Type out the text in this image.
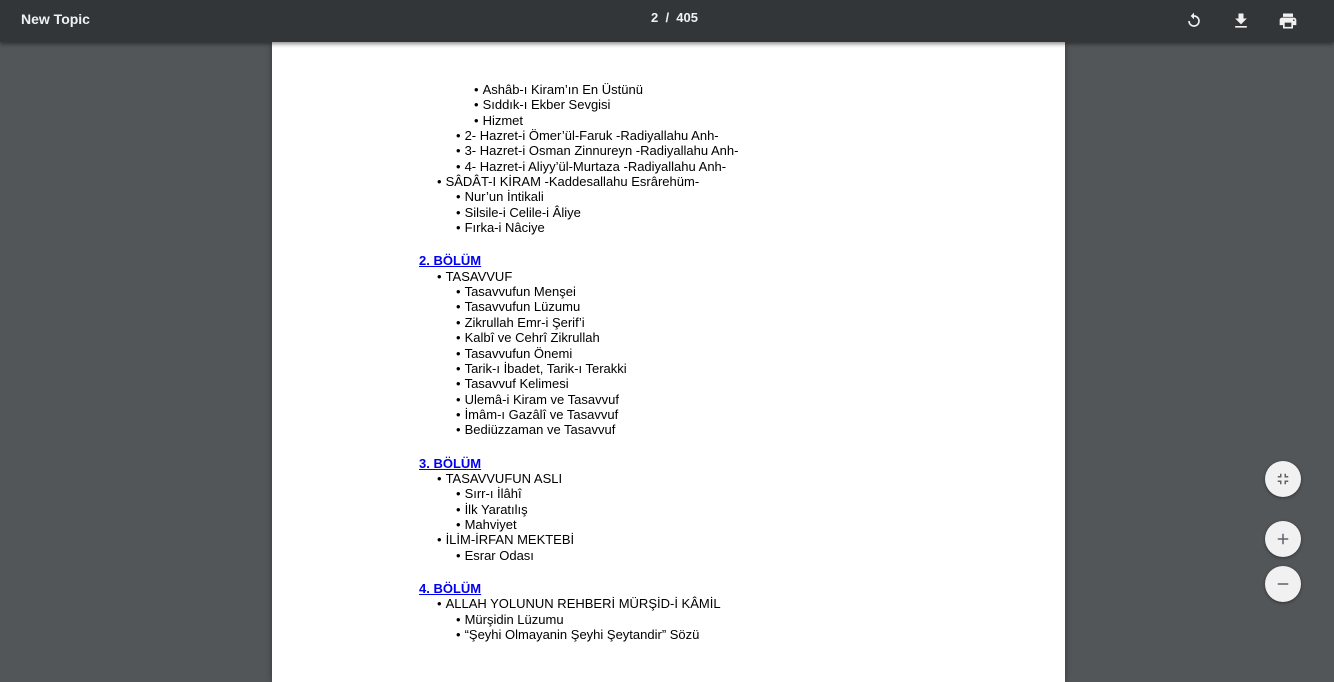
New Topic	2  /  405
• Ashâb-ı Kiram’ın En Üstünü
• Sıddık-ı Ekber Sevgisi
• Hizmet
• 2- Hazret-i Ömer’ül-Faruk -Radiyallahu Anh-
• 3- Hazret-i Osman Zinnureyn -Radiyallahu Anh-
• 4- Hazret-i Aliyy’ül-Murtaza -Radiyallahu Anh-
• SÂDÂT-I KİRAM -Kaddesallahu Esrârehüm-
• Nur’un İntikali
• Silsile-i Celile-i Âliye
• Fırka-i Nâciye
2. BÖLÜM
• TASAVVUF
• Tasavvufun Menşei
• Tasavvufun Lüzumu
• Zikrullah Emr-i Şerif’i
• Kalbî ve Cehrî Zikrullah
• Tasavvufun Önemi
• Tarik-ı İbadet, Tarik-ı Terakki
• Tasavvuf Kelimesi
• Ulemâ-i Kiram ve Tasavvuf
• İmâm-ı Gazâlî ve Tasavvuf
• Bediüzzaman ve Tasavvuf
3. BÖLÜM
• TASAVVUFUN ASLI
• Sırr-ı İlâhî
• İlk Yaratılış
• Mahviyet
• İLİM-İRFAN MEKTEBİ
• Esrar Odası
4. BÖLÜM
• ALLAH YOLUNUN REHBERİ MÜRŞİD-İ KÂMİL
• Mürşidin Lüzumu
• “Şeyhi Olmayanin Şeyhi Şeytandir” Sözü
